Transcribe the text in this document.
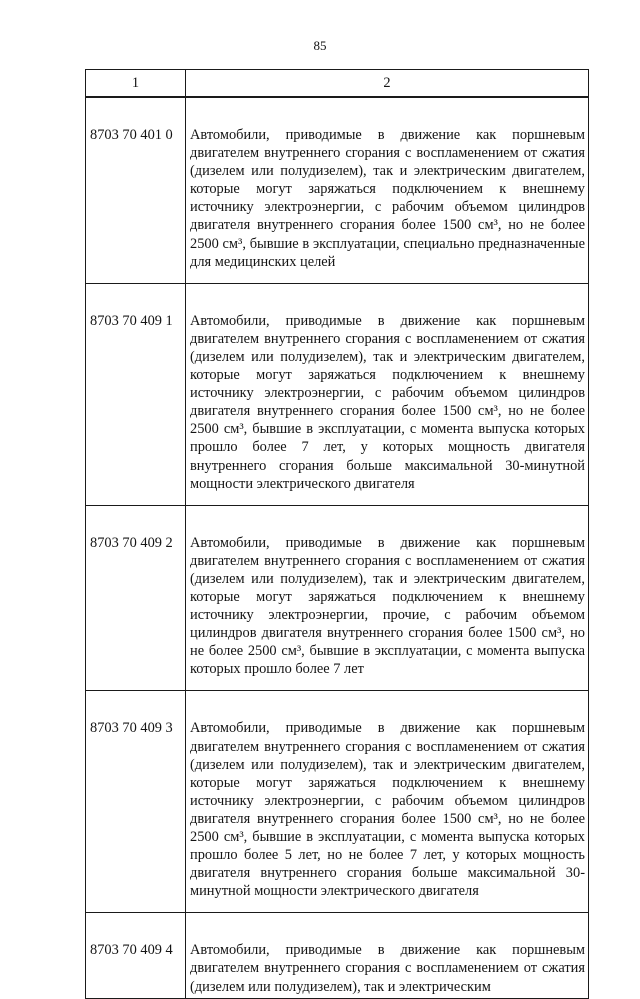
85
1	2
8703 70 401 0	Автомобили, приводимые в движение как поршневым двигателем внутреннего сгорания с воспламенением от сжатия (дизелем или полудизелем), так и электрическим двигателем, которые могут заряжаться подключением к внешнему источнику электроэнергии, с рабочим объемом цилиндров двигателя внутреннего сгорания более 1500 см³, но не более 2500 см³, бывшие в эксплуатации, специально предназначенные для медицинских целей

8703 70 409 1	Автомобили, приводимые в движение как поршневым двигателем внутреннего сгорания с воспламенением от сжатия (дизелем или полудизелем), так и электрическим двигателем, которые могут заряжаться подключением к внешнему источнику электроэнергии, с рабочим объемом цилиндров двигателя внутреннего сгорания более 1500 см³, но не более 2500 см³, бывшие в эксплуатации, с момента выпуска которых прошло более 7 лет, у которых мощность двигателя внутреннего сгорания больше максимальной 30-минутной мощности электрического двигателя

8703 70 409 2	Автомобили, приводимые в движение как поршневым двигателем внутреннего сгорания с воспламенением от сжатия (дизелем или полудизелем), так и электрическим двигателем, которые могут заряжаться подключением к внешнему источнику электроэнергии, прочие, с рабочим объемом цилиндров двигателя внутреннего сгорания более 1500 см³, но не более 2500 см³, бывшие в эксплуатации, с момента выпуска которых прошло более 7 лет

8703 70 409 3	Автомобили, приводимые в движение как поршневым двигателем внутреннего сгорания с воспламенением от сжатия (дизелем или полудизелем), так и электрическим двигателем, которые могут заряжаться подключением к внешнему источнику электроэнергии, с рабочим объемом цилиндров двигателя внутреннего сгорания более 1500 см³, но не более 2500 см³, бывшие в эксплуатации, с момента выпуска которых прошло более 5 лет, но не более 7 лет, у которых мощность двигателя внутреннего сгорания больше максимальной 30-минутной мощности электрического двигателя

8703 70 409 4	Автомобили, приводимые в движение как поршневым двигателем внутреннего сгорания с воспламенением от сжатия (дизелем или полудизелем), так и электрическим
